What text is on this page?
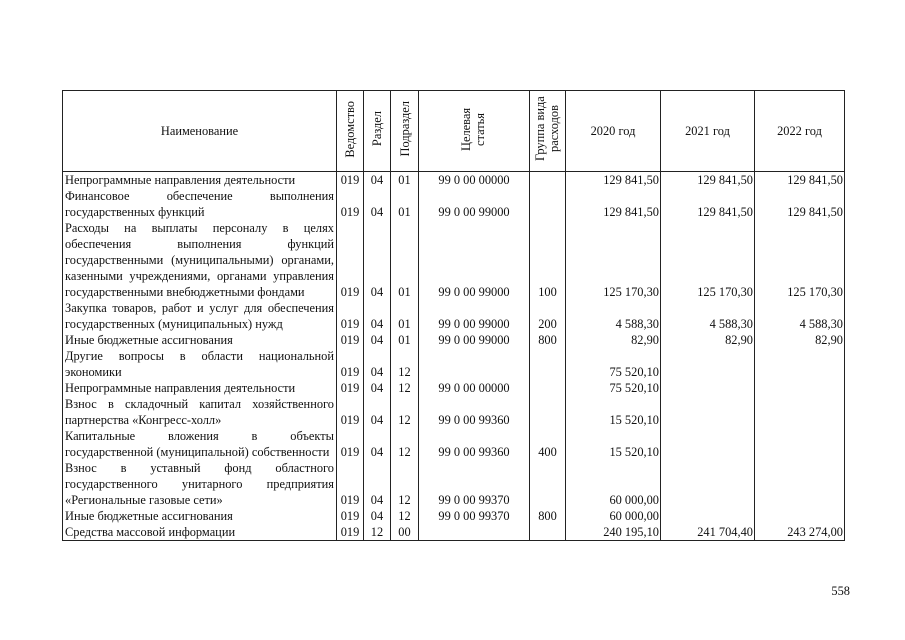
Наименование	Ведомство	Раздел	Подраздел	Целевая статья	Группа вида расходов	2020 год	2021 год	2022 год
Непрограммные направления деятельности	019	04	01	99 0 00 00000		129 841,50	129 841,50	129 841,50
Финансовое обеспечение выполнения государственных функций	019	04	01	99 0 00 99000		129 841,50	129 841,50	129 841,50
Расходы на выплаты персоналу в целях обеспечения выполнения функций государственными (муниципальными) органами, казенными учреждениями, органами управления государственными внебюджетными фондами	019	04	01	99 0 00 99000	100	125 170,30	125 170,30	125 170,30
Закупка товаров, работ и услуг для обеспечения государственных (муниципальных) нужд	019	04	01	99 0 00 99000	200	4 588,30	4 588,30	4 588,30
Иные бюджетные ассигнования	019	04	01	99 0 00 99000	800	82,90	82,90	82,90
Другие вопросы в области национальной экономики	019	04	12			75 520,10		
Непрограммные направления деятельности	019	04	12	99 0 00 00000		75 520,10		
Взнос в складочный капитал хозяйственного партнерства «Конгресс-холл»	019	04	12	99 0 00 99360		15 520,10		
Капитальные вложения в объекты государственной (муниципальной) собственности	019	04	12	99 0 00 99360	400	15 520,10		
Взнос в уставный фонд областного государственного унитарного предприятия «Региональные газовые сети»	019	04	12	99 0 00 99370		60 000,00		
Иные бюджетные ассигнования	019	04	12	99 0 00 99370	800	60 000,00		
Средства массовой информации	019	12	00			240 195,10	241 704,40	243 274,00
558
